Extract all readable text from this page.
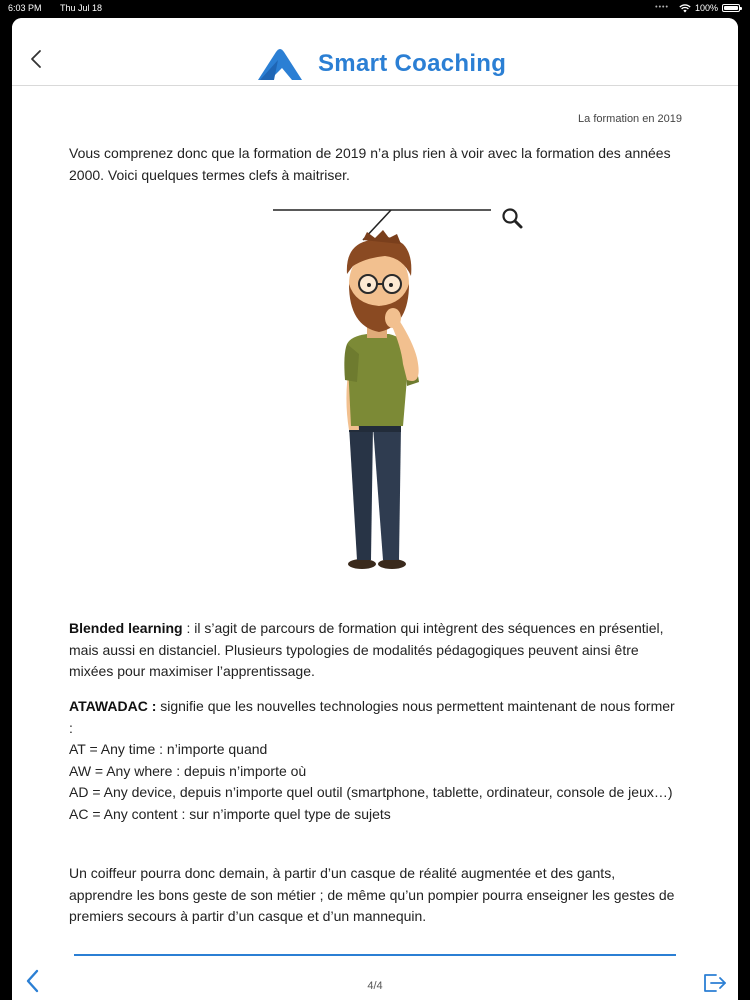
6:03 PM Thu Jul 18	••••	100%
Smart Coaching
La formation en 2019
Vous comprenez donc que la formation de 2019 n’a plus rien à voir avec la formation des années 2000. Voici quelques termes clefs à maitriser.
Blended learning : il s’agit de parcours de formation qui intègrent des séquences en présentiel, mais aussi en distanciel. Plusieurs typologies de modalités pédagogiques peuvent ainsi être mixées pour maximiser l’apprentissage.
ATAWADAC : signifie que les nouvelles technologies nous permettent maintenant de nous former :
AT = Any time : n’importe quand
AW = Any where : depuis n’importe où
AD = Any device, depuis n’importe quel outil (smartphone, tablette, ordinateur, console de jeux…)
AC = Any content : sur n’importe quel type de sujets
Un coiffeur pourra donc demain, à partir d’un casque de réalité augmentée et des gants, apprendre les bons geste de son métier ; de même qu’un pompier pourra enseigner les gestes de premiers secours à partir d’un casque et d’un mannequin.
4/4
